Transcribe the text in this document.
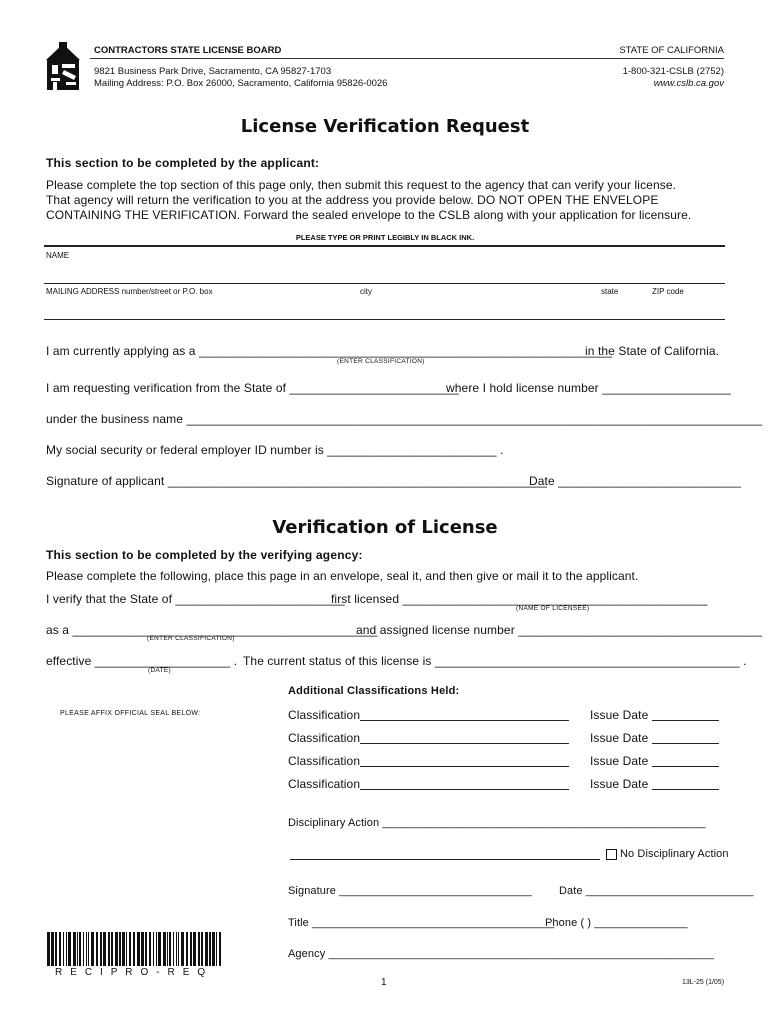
CONTRACTORS STATE LICENSE BOARD
9821 Business Park Drive, Sacramento, CA 95827-1703
Mailing Address: P.O. Box 26000, Sacramento, California 95826-0026
STATE OF CALIFORNIA
1-800-321-CSLB (2752)
www.cslb.ca.gov
License Verification Request
This section to be completed by the applicant:
Please complete the top section of this page only, then submit this request to the agency that can verify your license.
That agency will return the verification to you at the address you provide below. DO NOT OPEN THE ENVELOPE
CONTAINING THE VERIFICATION. Forward the sealed envelope to the CSLB along with your application for licensure.
PLEASE TYPE OR PRINT LEGIBLY IN BLACK INK.
NAME
MAILING ADDRESS number/street or P.O. box	city	state	ZIP code
I am currently applying as a _____________________________________________________________
in the State of California.
(ENTER CLASSIFICATION)
I am requesting verification from the State of _________________________
where I hold license number ___________________
under the business name _____________________________________________________________________________________
My social security or federal employer ID number is _________________________ .
Signature of applicant ________________________________________________________
Date ___________________________
Verification of License
This section to be completed by the verifying agency:
Please complete the following, place this page in an envelope, seal it, and then give or mail it to the applicant.
I verify that the State of _________________________
first licensed _____________________________________________
(NAME OF LICENSEE)
as a _____________________________________________
and assigned license number ____________________________________
(ENTER CLASSIFICATION)
effective ____________________ .
(DATE)
The current status of this license is _____________________________________________ .
Additional Classifications Held:
PLEASE AFFIX OFFICIAL SEAL BELOW:	Classification	Issue Date
Classification	Issue Date
Classification	Issue Date
Classification	Issue Date
Disciplinary Action ____________________________________________________
No Disciplinary Action
Signature _______________________________ Date ___________________________
Title _______________________________________
Phone ( ) _______________
Agency ______________________________________________________________
R E C I P R O - R E Q
1	13L-25 (1/05)
